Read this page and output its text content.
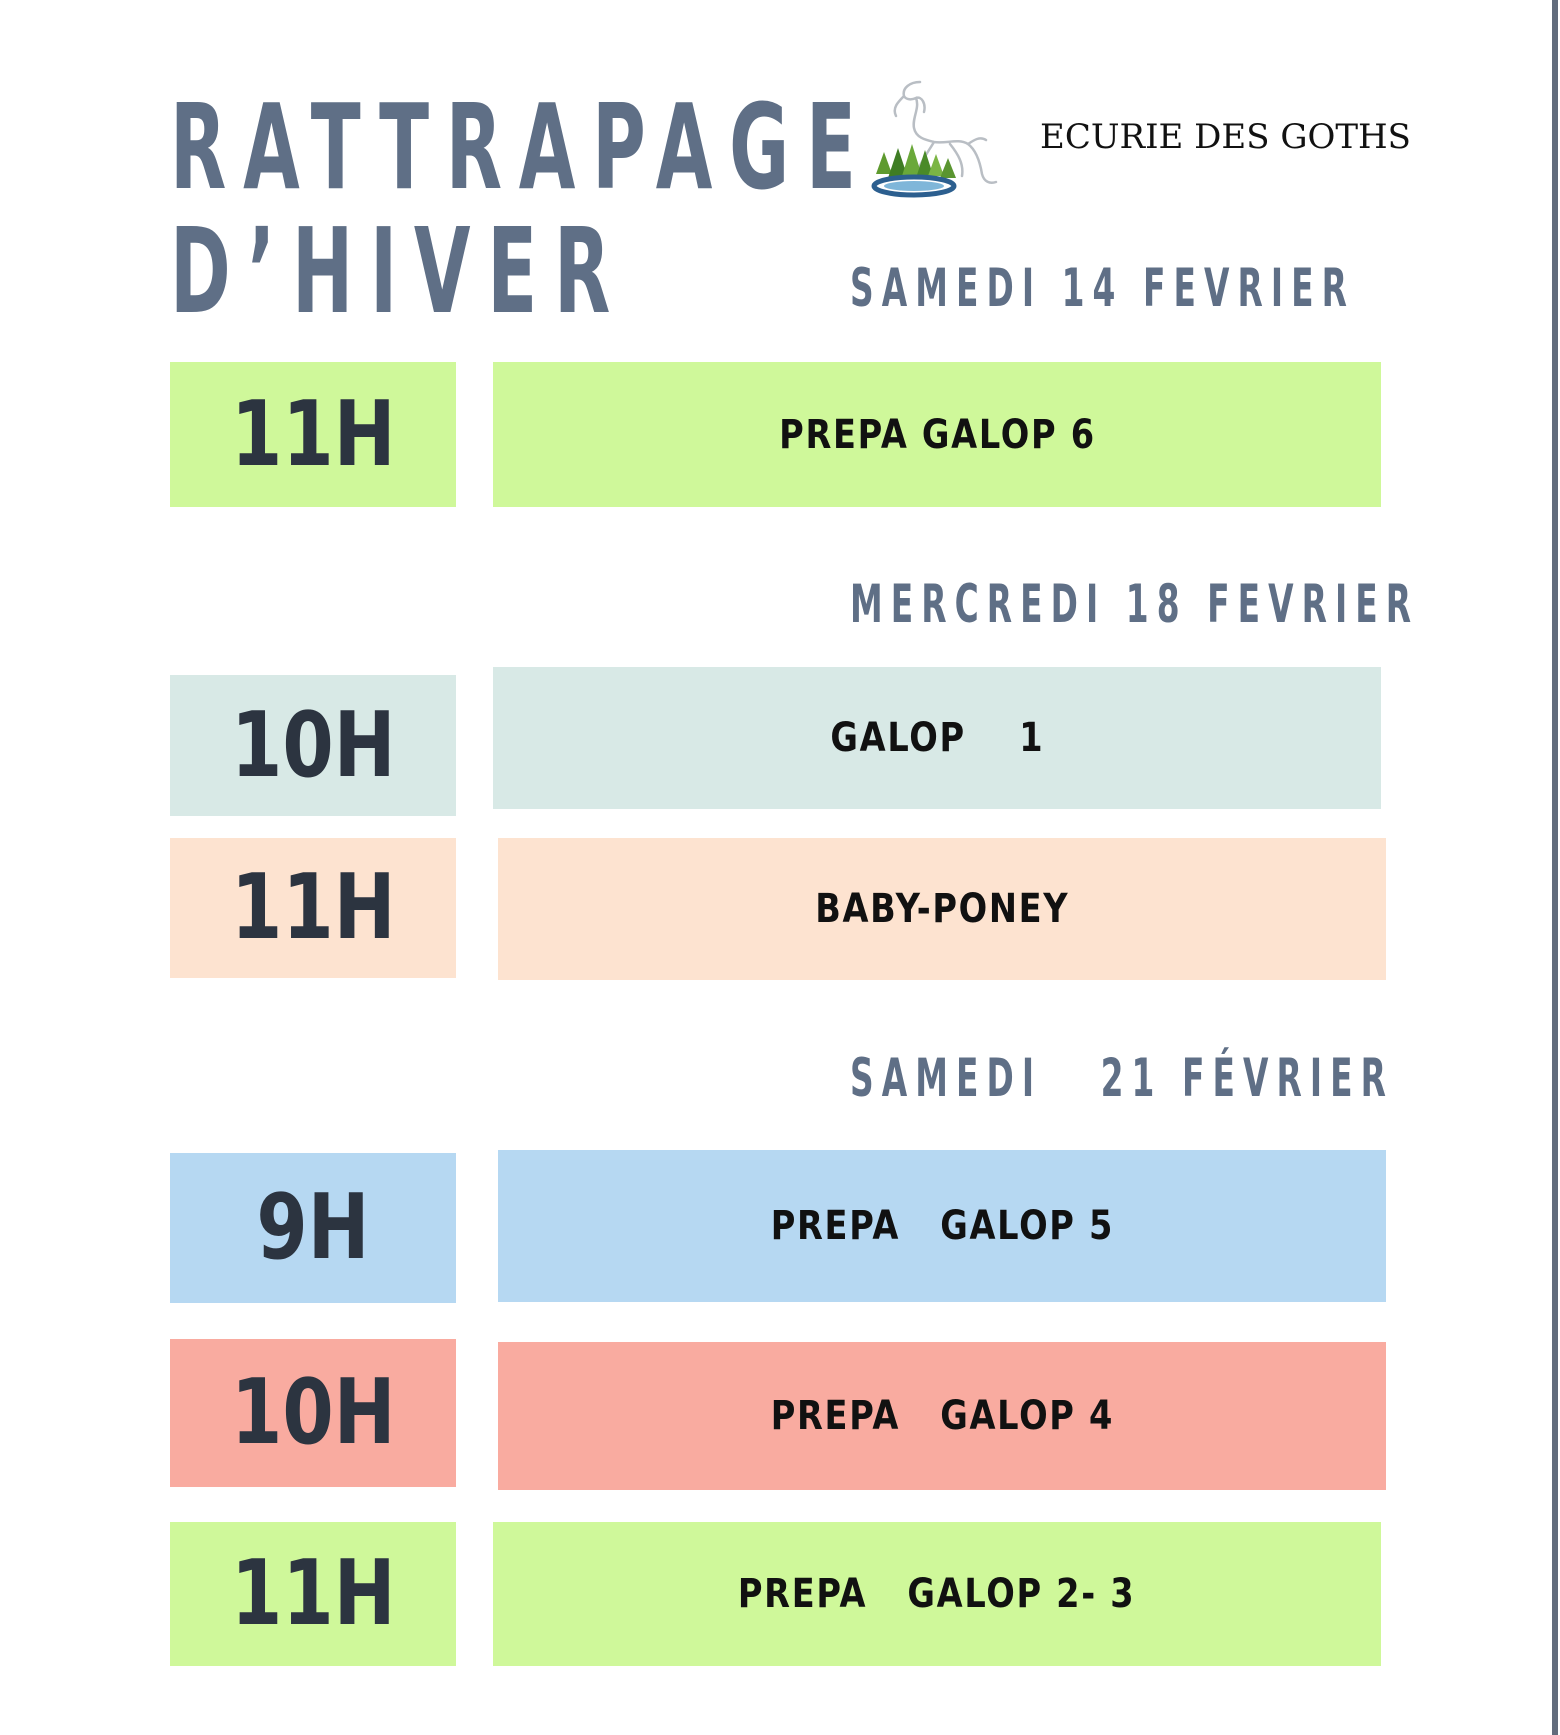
RATTRAPAGE
D’HIVER
ECURIE DES GOTHS
SAMEDI 14 FEVRIER
11H	PREPA GALOP 6
MERCREDI 18 FEVRIER
10H	GALOP    1
11H	BABY-PONEY
SAMEDI   21 FÉVRIER
9H	PREPA   GALOP 5
10H	PREPA   GALOP 4
11H	PREPA   GALOP 2- 3
